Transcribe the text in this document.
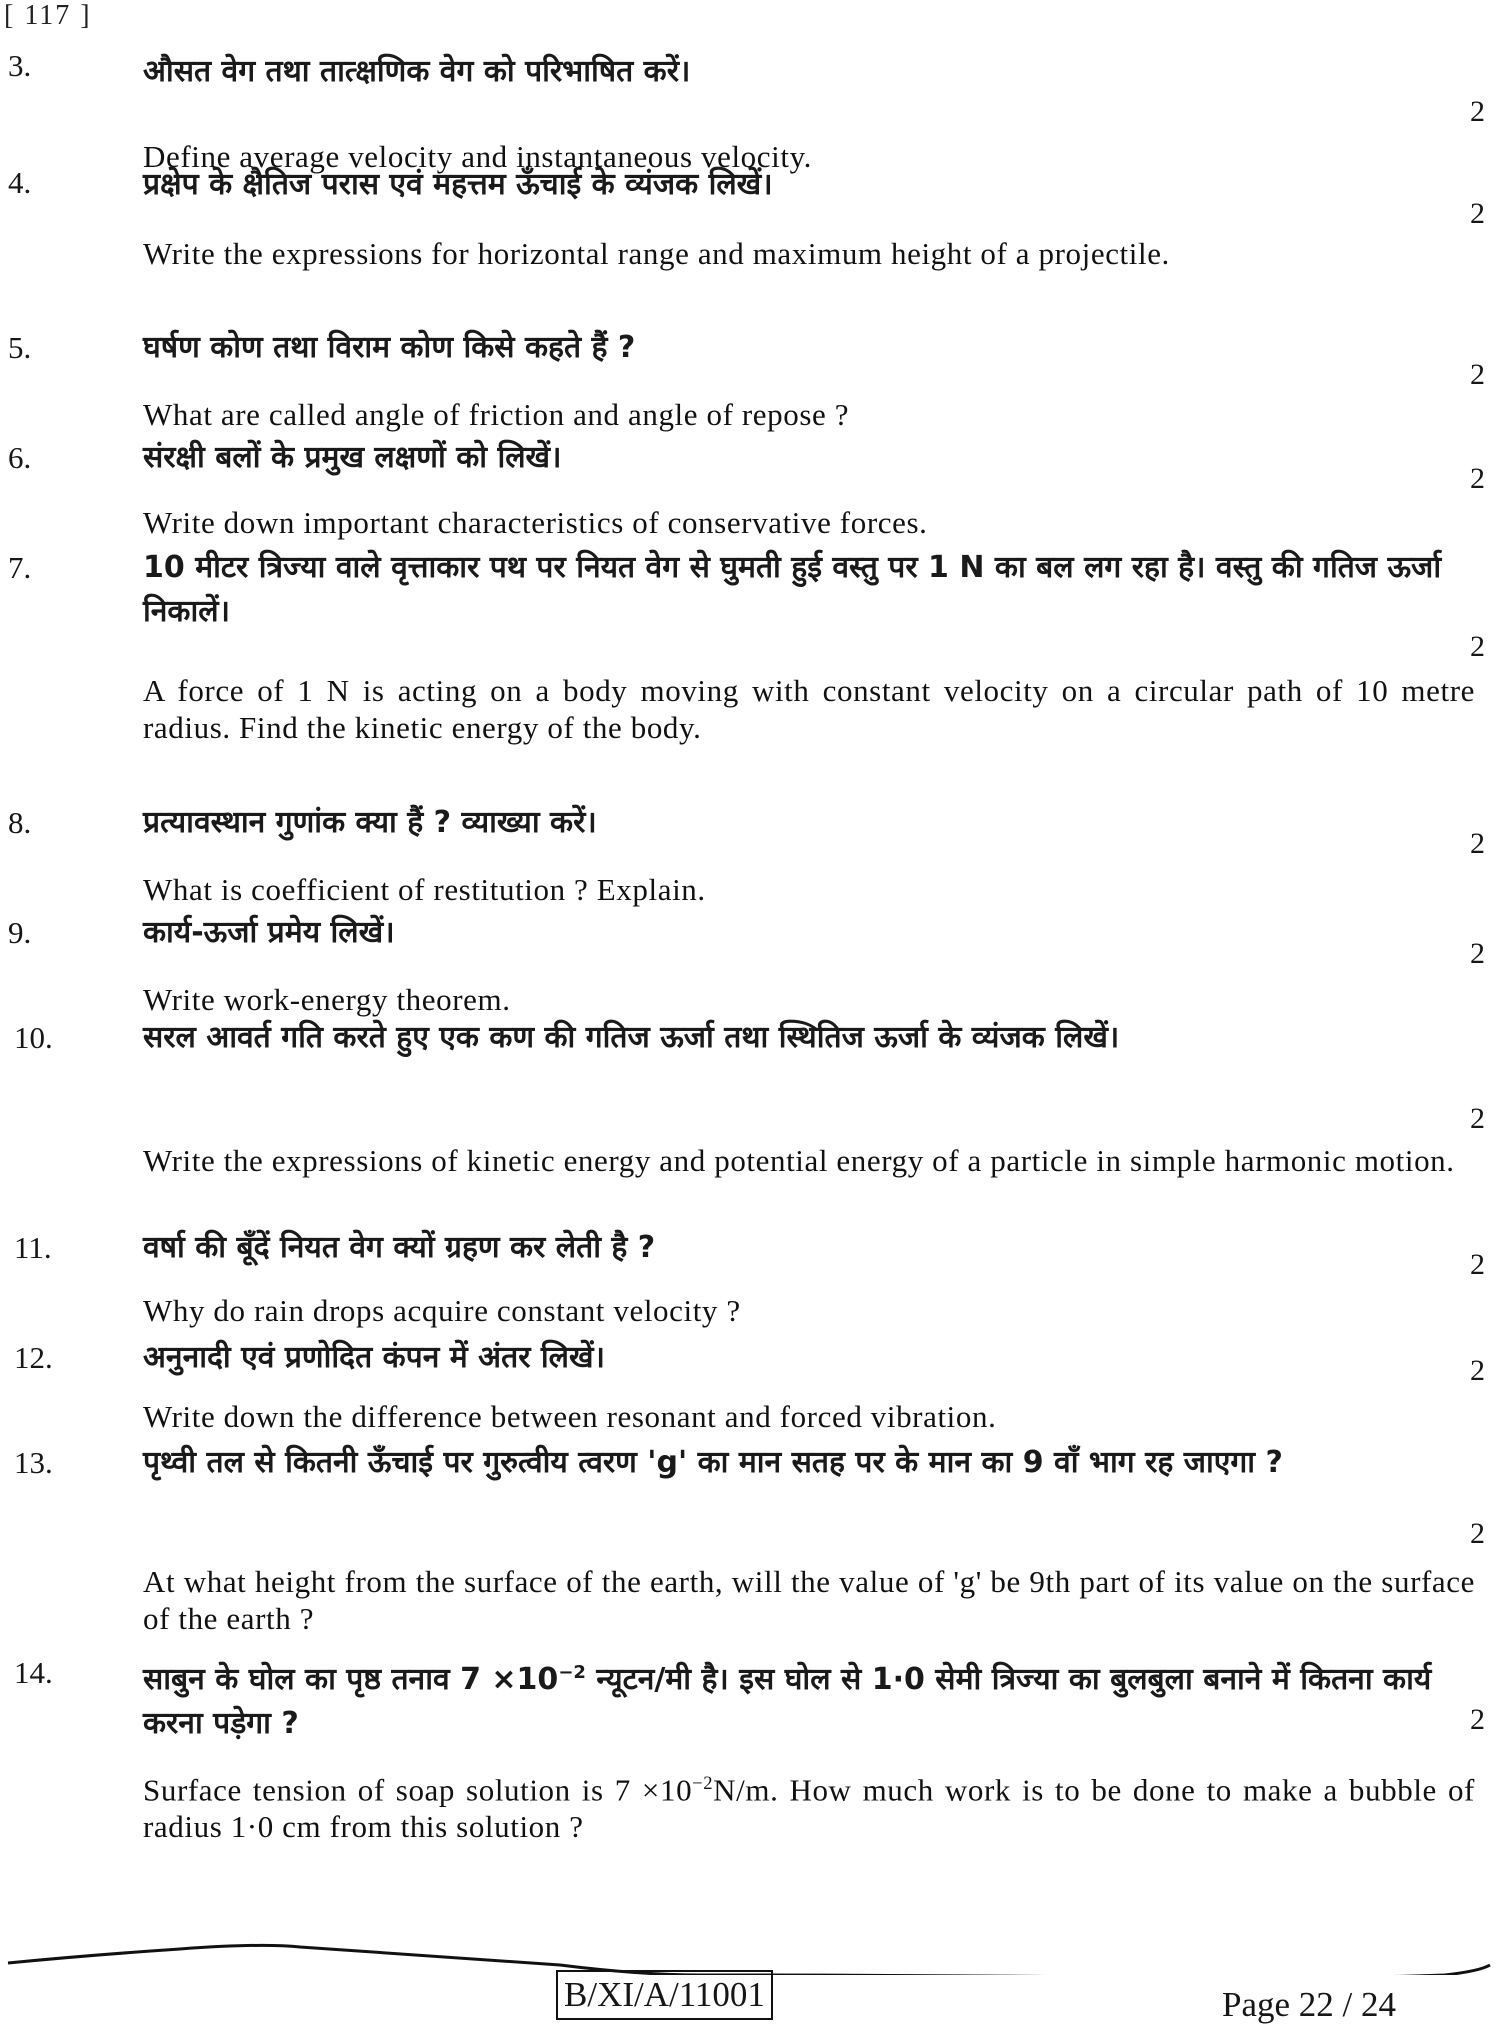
[ 117 ]
3.	औसत वेग तथा तात्क्षणिक वेग को परिभाषित करें।
2
Define average velocity and instantaneous velocity.
4.	प्रक्षेप के क्षैतिज परास एवं महत्तम ऊँचाई के व्यंजक लिखें।
2
Write the expressions for horizontal range and maximum height of a projectile.
5.	घर्षण कोण तथा विराम कोण किसे कहते हैं ?
2
What are called angle of friction and angle of repose ?
6.	संरक्षी बलों के प्रमुख लक्षणों को लिखें।
2
Write down important characteristics of conservative forces.
7.	10 मीटर त्रिज्या वाले वृत्ताकार पथ पर नियत वेग से घुमती हुई वस्तु पर 1 N का बल लग रहा है। वस्तु की गतिज ऊर्जा निकालें।
2
A force of 1 N is acting on a body moving with constant velocity on a circular path of 10 metre radius. Find the kinetic energy of the body.
8.	प्रत्यावस्थान गुणांक क्या हैं ? व्याख्या करें।
2
What is coefficient of restitution ? Explain.
9.	कार्य-ऊर्जा प्रमेय लिखें।
2
Write work-energy theorem.
10.	सरल आवर्त गति करते हुए एक कण की गतिज ऊर्जा तथा स्थितिज ऊर्जा के व्यंजक लिखें।
2
Write the expressions of kinetic energy and potential energy of a particle in simple harmonic motion.
11.	वर्षा की बूँदें नियत वेग क्यों ग्रहण कर लेती है ?	2
Why do rain drops acquire constant velocity ?
12.	अनुनादी एवं प्रणोदित कंपन में अंतर लिखें।	2
Write down the difference between resonant and forced vibration.
13.	पृथ्वी तल से कितनी ऊँचाई पर गुरुत्वीय त्वरण 'g' का मान सतह पर के मान का 9 वाँ भाग रह जाएगा ?
2
At what height from the surface of the earth, will the value of 'g' be 9th part of its value on the surface of the earth ?
14.	साबुन के घोल का पृष्ठ तनाव $7 \times 10^{-2}$ न्यूटन/मी है। इस घोल से 1·0 सेमी त्रिज्या का बुलबुला बनाने में कितना कार्य करना पड़ेगा ?	2
Surface tension of soap solution is $7 \times 10^{-2}N/m$. How much work is to be done to make a bubble of radius 1·0 cm from this solution ?
B/XI/A/11001	Page 22 / 24
